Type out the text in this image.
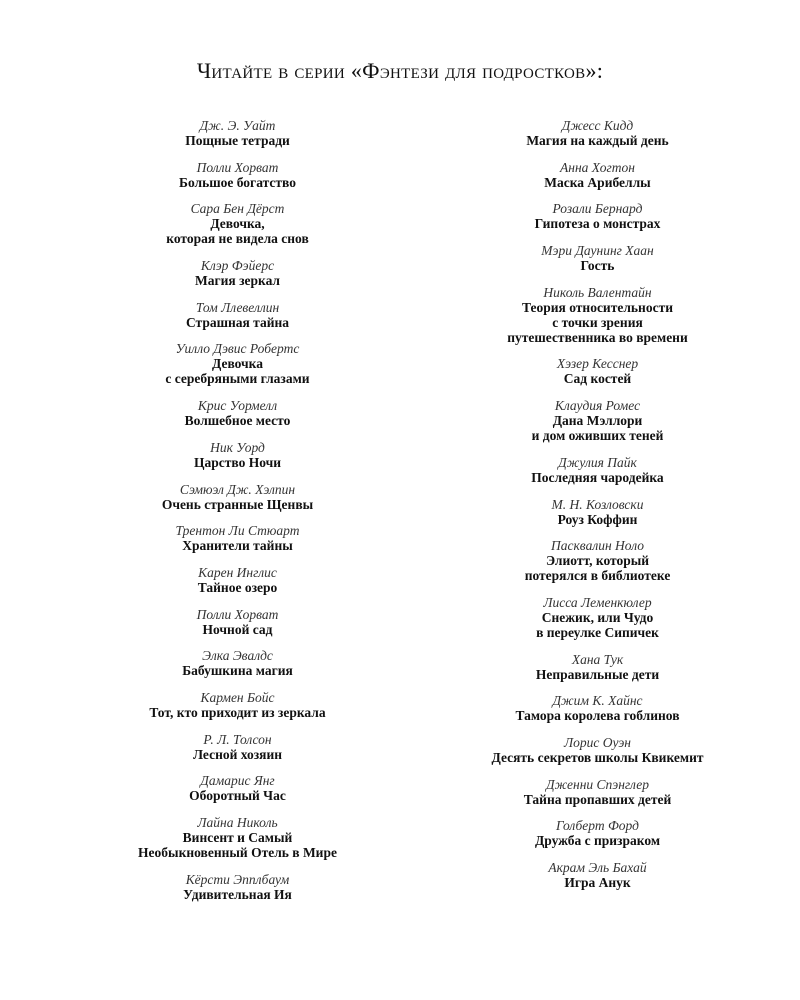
Читайте в серии «Фэнтези для подростков»:
Дж. Э. Уайт
Пощные тетради
Полли Хорват
Большое богатство
Сара Бен Дёрст
Девочка,
которая не видела снов
Клэр Фэйерс
Магия зеркал
Том Ллевеллин
Страшная тайна
Уилло Дэвис Робертс
Девочка
с серебряными глазами
Крис Уормелл
Волшебное место
Ник Уорд
Царство Ночи
Сэмюэл Дж. Хэлпин
Очень странные Щенвы
Трентон Ли Стюарт
Хранители тайны
Карен Инглис
Тайное озеро
Полли Хорват
Ночной сад
Элка Эвалдс
Бабушкина магия
Кармен Бойс
Тот, кто приходит из зеркала
Р. Л. Толсон
Лесной хозяин
Дамарис Янг
Оборотный Час
Лайна Николь
Винсент и Самый
Необыкновенный Отель в Мире
Кёрсти Эпплбаум
Удивительная Ия
Джесс Кидд
Магия на каждый день
Анна Хогтон
Маска Арибеллы
Розали Бернард
Гипотеза о монстрах
Мэри Даунинг Хаан
Гость
Николь Валентайн
Теория относительности
с точки зрения
путешественника во времени
Хэзер Кесснер
Сад костей
Клаудия Ромес
Дана Мэллори
и дом оживших теней
Джулия Пайк
Последняя чародейка
М. Н. Козловски
Роуз Коффин
Пасквалин Ноло
Элиотт, который
потерялся в библиотеке
Лисса Леменкюлер
Снежик, или Чудо
в переулке Сипичек
Хана Тук
Неправильные дети
Джим К. Хайнс
Тамора королева гоблинов
Лорис Оуэн
Десять секретов школы Квикемит
Дженни Спэнглер
Тайна пропавших детей
Голберт Форд
Дружба с призраком
Акрам Эль Бахай
Игра Анук
